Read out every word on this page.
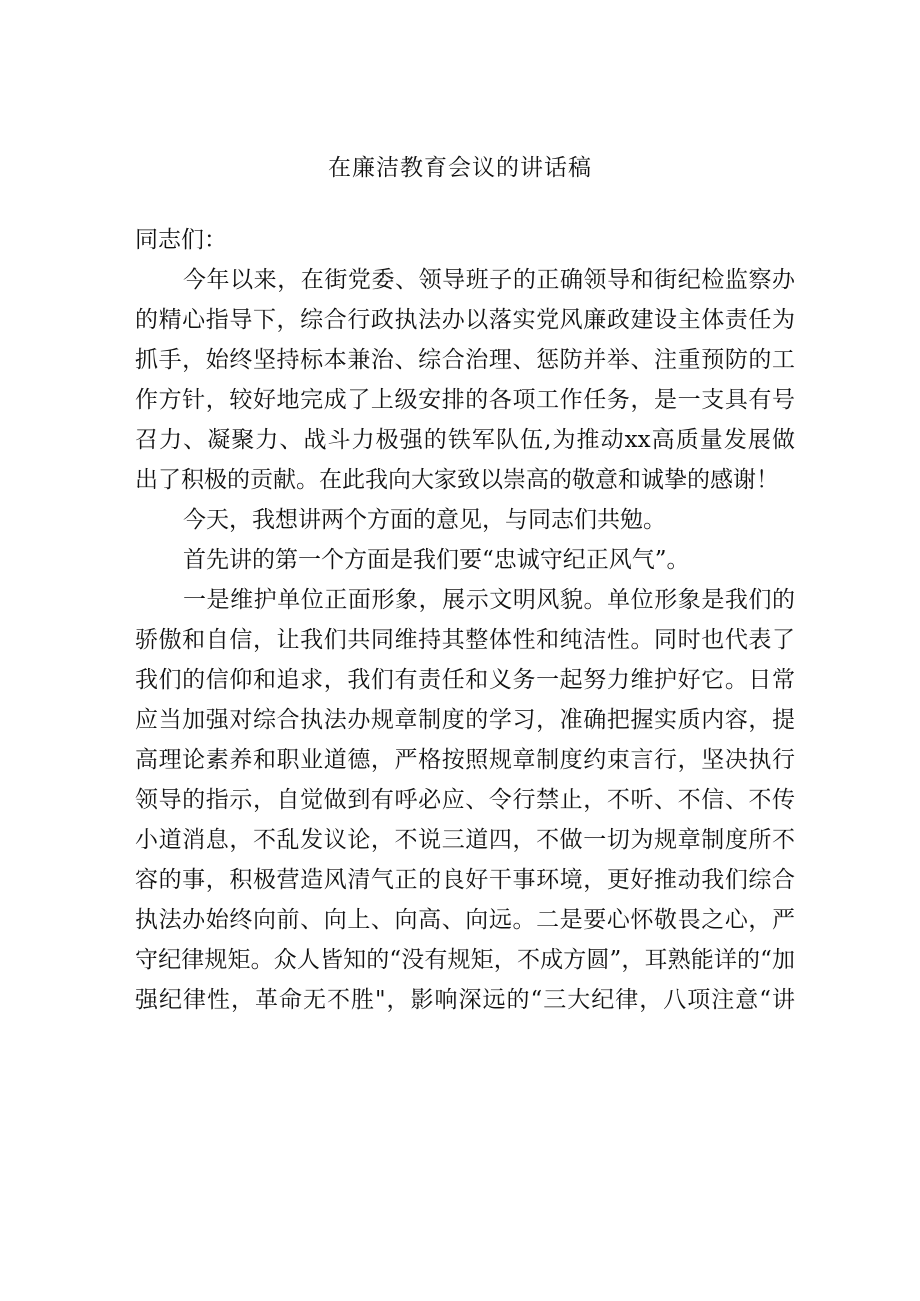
在廉洁教育会议的讲话稿
同志们：
今年以来，在街党委、领导班子的正确领导和街纪检监察办
的精心指导下，综合行政执法办以落实党风廉政建设主体责任为
抓手，始终坚持标本兼治、综合治理、惩防并举、注重预防的工
作方针，较好地完成了上级安排的各项工作任务，是一支具有号
召力、凝聚力、战斗力极强的铁军队伍,为推动xx高质量发展做
出了积极的贡献。在此我向大家致以崇高的敬意和诚挚的感谢！
今天，我想讲两个方面的意见，与同志们共勉。
首先讲的第一个方面是我们要“忠诚守纪正风气”。
一是维护单位正面形象，展示文明风貌。单位形象是我们的
骄傲和自信，让我们共同维持其整体性和纯洁性。同时也代表了
我们的信仰和追求，我们有责任和义务一起努力维护好它。日常
应当加强对综合执法办规章制度的学习，准确把握实质内容，提
高理论素养和职业道德，严格按照规章制度约束言行，坚决执行
领导的指示，自觉做到有呼必应、令行禁止，不听、不信、不传
小道消息，不乱发议论，不说三道四，不做一切为规章制度所不
容的事，积极营造风清气正的良好干事环境，更好推动我们综合
执法办始终向前、向上、向高、向远。二是要心怀敬畏之心，严
守纪律规矩。众人皆知的“没有规矩，不成方圆”，耳熟能详的“加
强纪律性，革命无不胜"，影响深远的“三大纪律，八项注意“讲
